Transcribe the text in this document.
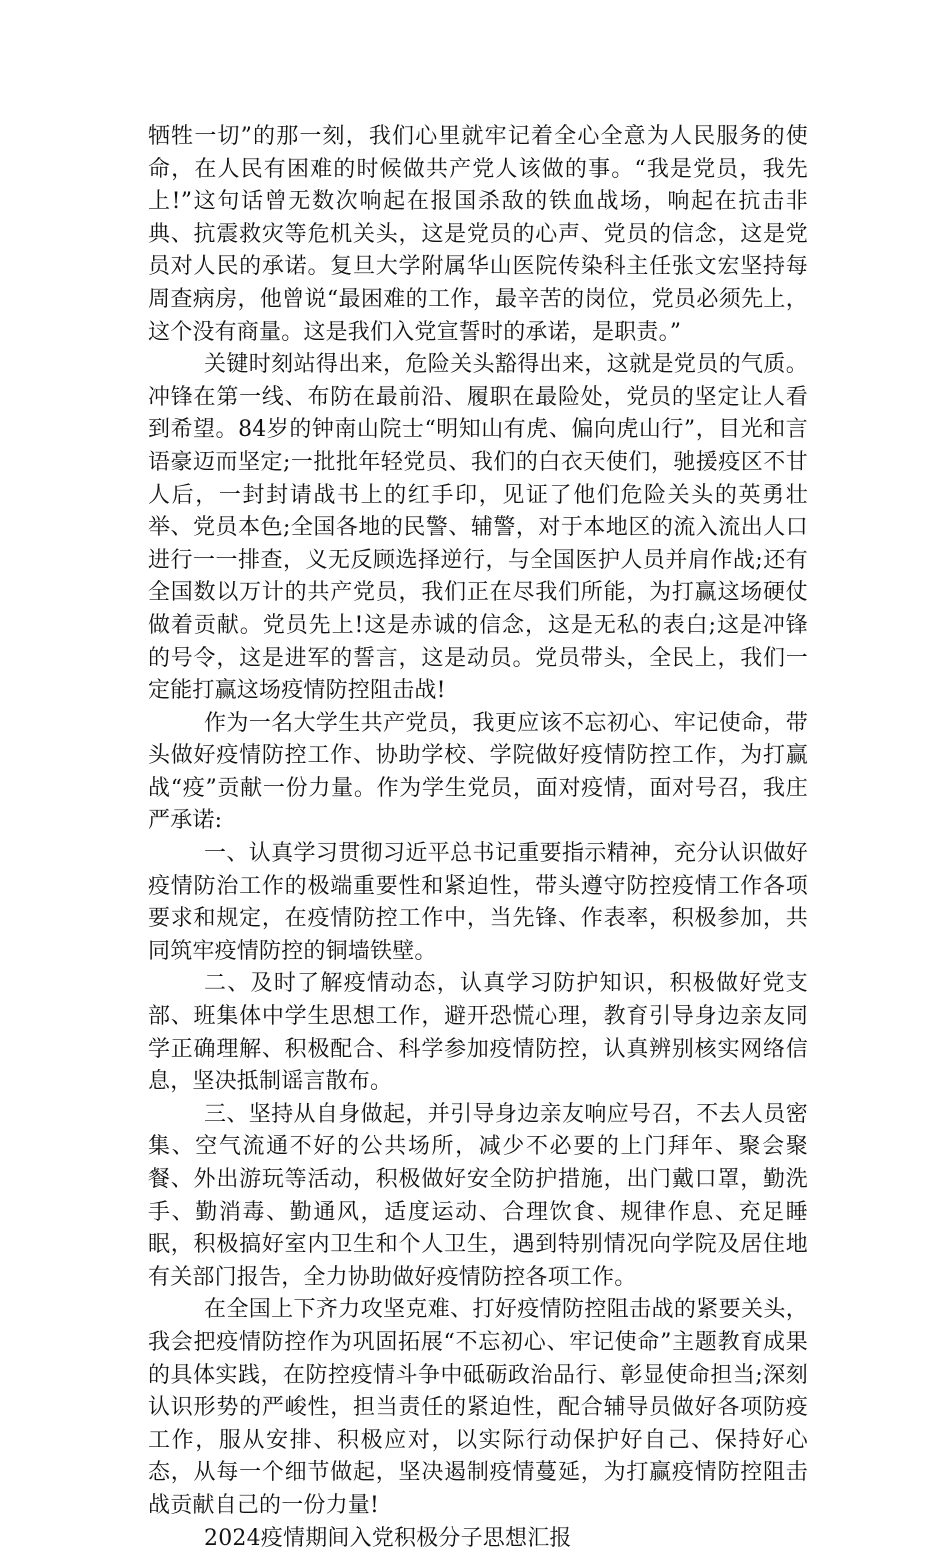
牺牲一切”的那一刻，我们心里就牢记着全心全意为人民服务的使命，在人民有困难的时候做共产党人该做的事。“我是党员，我先上!”这句话曾无数次响起在报国杀敌的铁血战场，响起在抗击非典、抗震救灾等危机关头，这是党员的心声、党员的信念，这是党员对人民的承诺。复旦大学附属华山医院传染科主任张文宏坚持每周查病房，他曾说“最困难的工作，最辛苦的岗位，党员必须先上，这个没有商量。这是我们入党宣誓时的承诺，是职责。”

关键时刻站得出来，危险关头豁得出来，这就是党员的气质。冲锋在第一线、布防在最前沿、履职在最险处，党员的坚定让人看到希望。84岁的钟南山院士“明知山有虎、偏向虎山行”，目光和言语豪迈而坚定;一批批年轻党员、我们的白衣天使们，驰援疫区不甘人后，一封封请战书上的红手印，见证了他们危险关头的英勇壮举、党员本色;全国各地的民警、辅警，对于本地区的流入流出人口进行一一排查，义无反顾选择逆行，与全国医护人员并肩作战;还有全国数以万计的共产党员，我们正在尽我们所能，为打赢这场硬仗做着贡献。党员先上!这是赤诚的信念，这是无私的表白;这是冲锋的号令，这是进军的誓言，这是动员。党员带头，全民上，我们一定能打赢这场疫情防控阻击战!

作为一名大学生共产党员，我更应该不忘初心、牢记使命，带头做好疫情防控工作、协助学校、学院做好疫情防控工作，为打赢战“疫”贡献一份力量。作为学生党员，面对疫情，面对号召，我庄严承诺:

一、认真学习贯彻习近平总书记重要指示精神，充分认识做好疫情防治工作的极端重要性和紧迫性，带头遵守防控疫情工作各项要求和规定，在疫情防控工作中，当先锋、作表率，积极参加，共同筑牢疫情防控的铜墙铁壁。

二、及时了解疫情动态，认真学习防护知识，积极做好党支部、班集体中学生思想工作，避开恐慌心理，教育引导身边亲友同学正确理解、积极配合、科学参加疫情防控，认真辨别核实网络信息，坚决抵制谣言散布。

三、坚持从自身做起，并引导身边亲友响应号召，不去人员密集、空气流通不好的公共场所，减少不必要的上门拜年、聚会聚餐、外出游玩等活动，积极做好安全防护措施，出门戴口罩，勤洗手、勤消毒、勤通风，适度运动、合理饮食、规律作息、充足睡眠，积极搞好室内卫生和个人卫生，遇到特别情况向学院及居住地有关部门报告，全力协助做好疫情防控各项工作。

在全国上下齐力攻坚克难、打好疫情防控阻击战的紧要关头，我会把疫情防控作为巩固拓展“不忘初心、牢记使命”主题教育成果的具体实践，在防控疫情斗争中砥砺政治品行、彰显使命担当;深刻认识形势的严峻性，担当责任的紧迫性，配合辅导员做好各项防疫工作，服从安排、积极应对，以实际行动保护好自己、保持好心态，从每一个细节做起，坚决遏制疫情蔓延，为打赢疫情防控阻击战贡献自己的一份力量!

2024疫情期间入党积极分子思想汇报
